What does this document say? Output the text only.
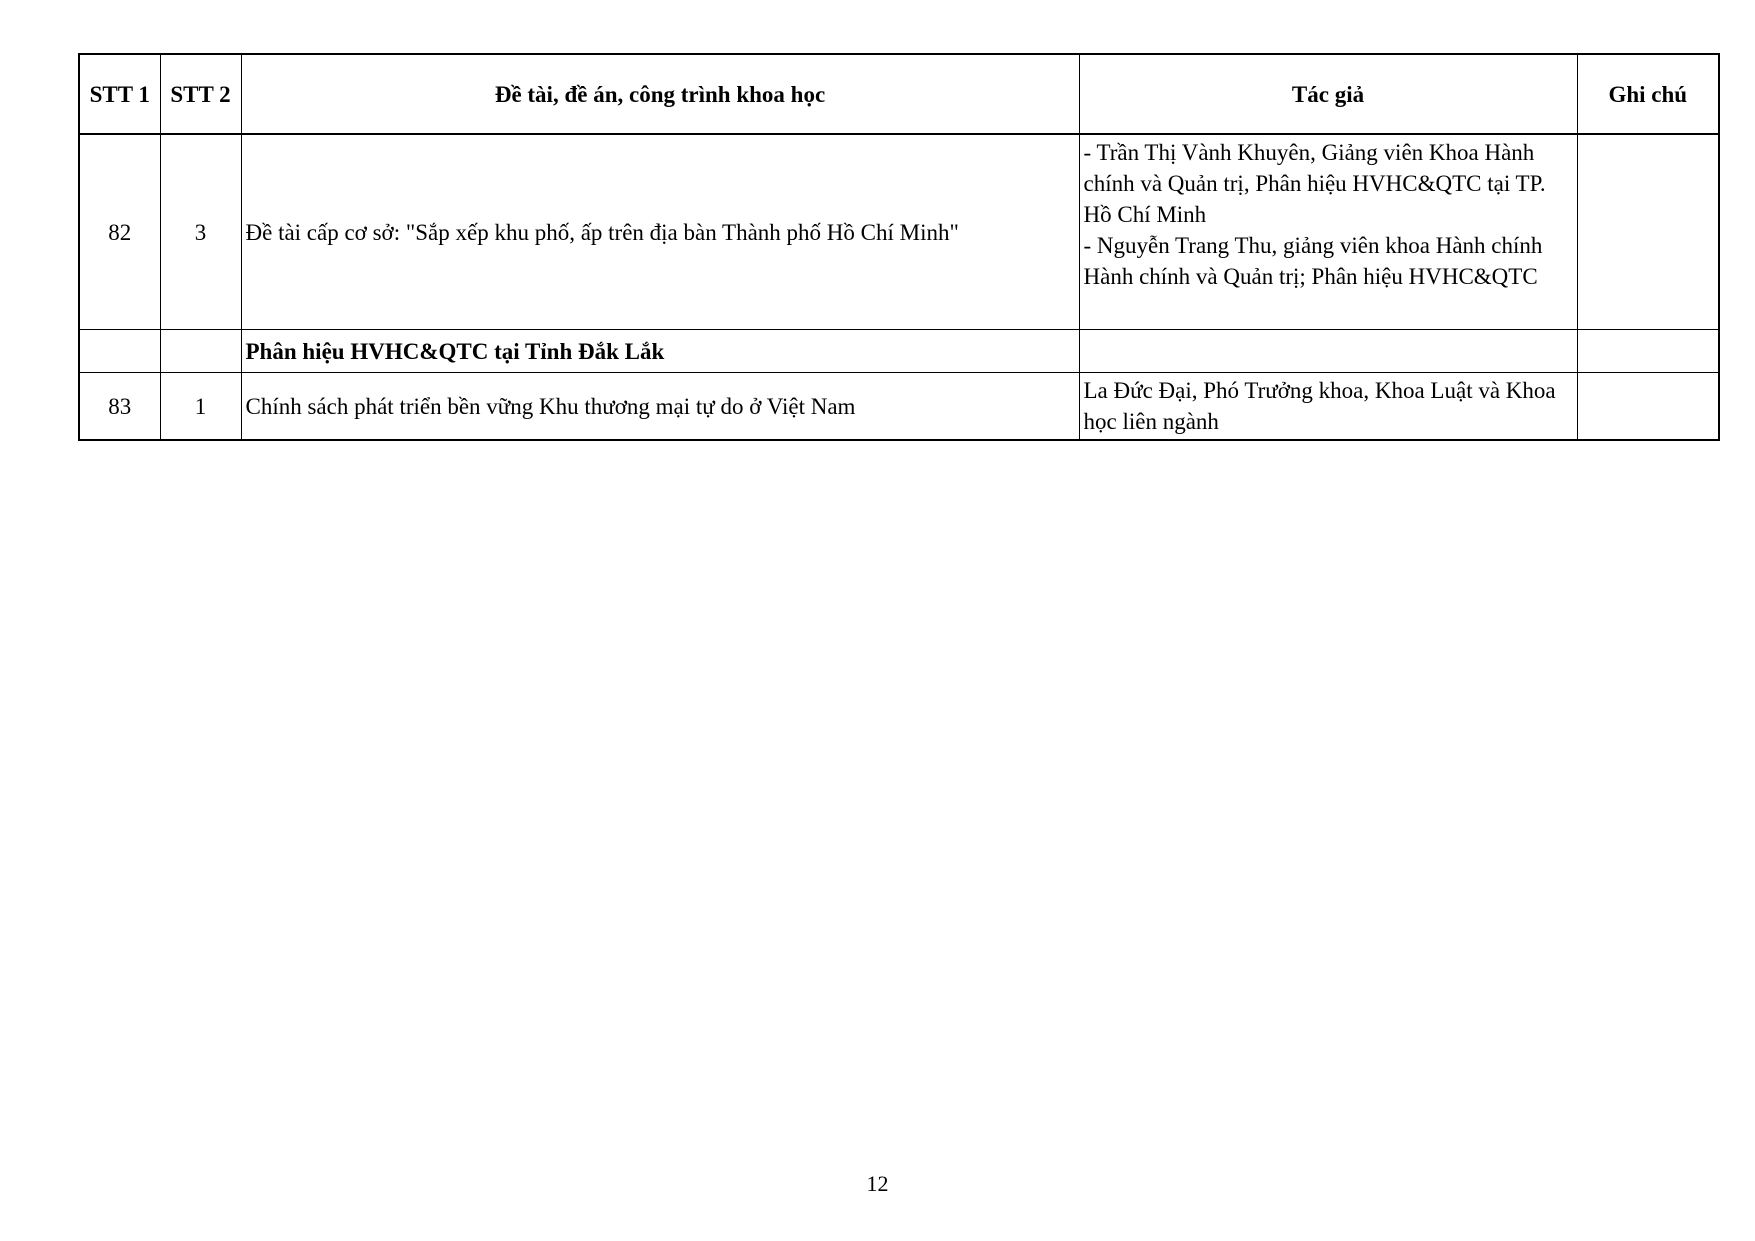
STT 1	STT 2	Đề tài, đề án, công trình khoa học	Tác giả	Ghi chú
82	3	Đề tài cấp cơ sở: "Sắp xếp khu phố, ấp trên địa bàn Thành phố Hồ Chí Minh"	- Trần Thị Vành Khuyên, Giảng viên Khoa Hành chính và Quản trị, Phân hiệu HVHC&QTC tại TP. Hồ Chí Minh
- Nguyễn Trang Thu, giảng viên khoa Hành chính Hành chính và Quản trị; Phân hiệu HVHC&QTC	

		Phân hiệu HVHC&QTC tại Tỉnh Đắk Lắk		
83	1	Chính sách phát triển bền vững Khu thương mại tự do ở Việt Nam	La Đức Đại, Phó Trưởng khoa, Khoa Luật và Khoa học liên ngành	

12
